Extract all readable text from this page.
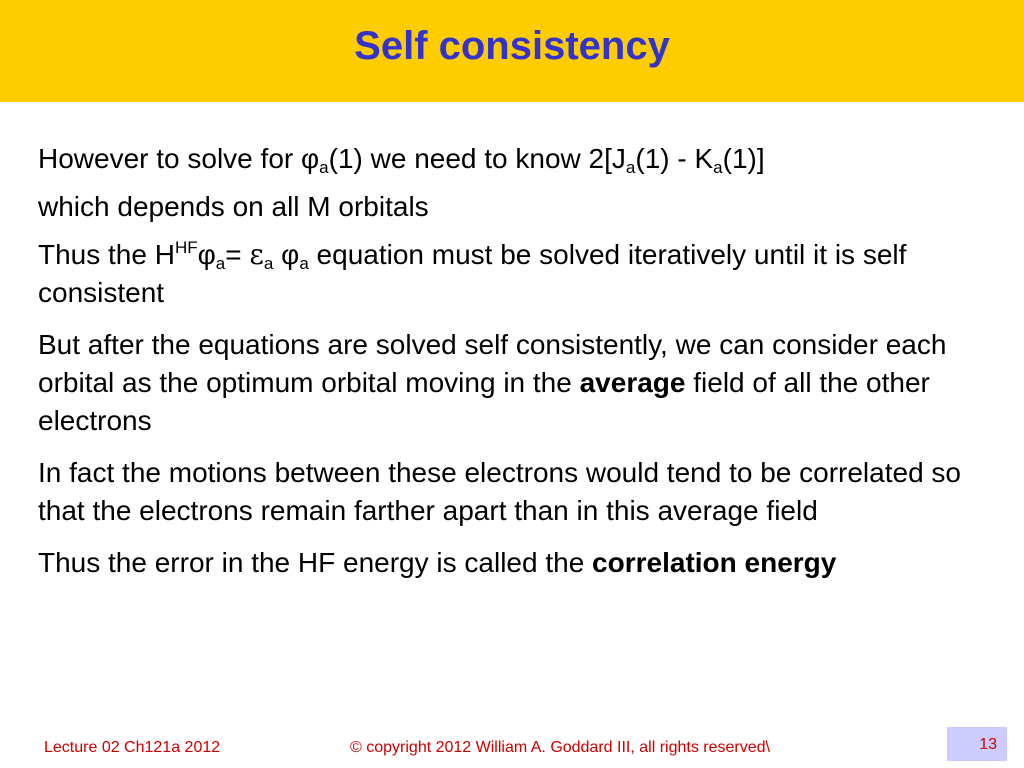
Self consistency

However to solve for $\varphi_a(1)$ we need to know $2[J_a(1) - K_a(1)]$

which depends on all M orbitals

Thus the $H^{HF}\varphi_a= \varepsilon_a$ $\varphi_a$ equation must be solved iteratively until it is self consistent

But after the equations are solved self consistently, we can consider each orbital as the optimum orbital moving in the average field of all the other electrons

In fact the motions between these electrons would tend to be correlated so that the electrons remain farther apart than in this average field

Thus the error in the HF energy is called the correlation energy

Lecture 02 Ch121a 2012	© copyright 2012 William A. Goddard III, all rights reserved\	13
